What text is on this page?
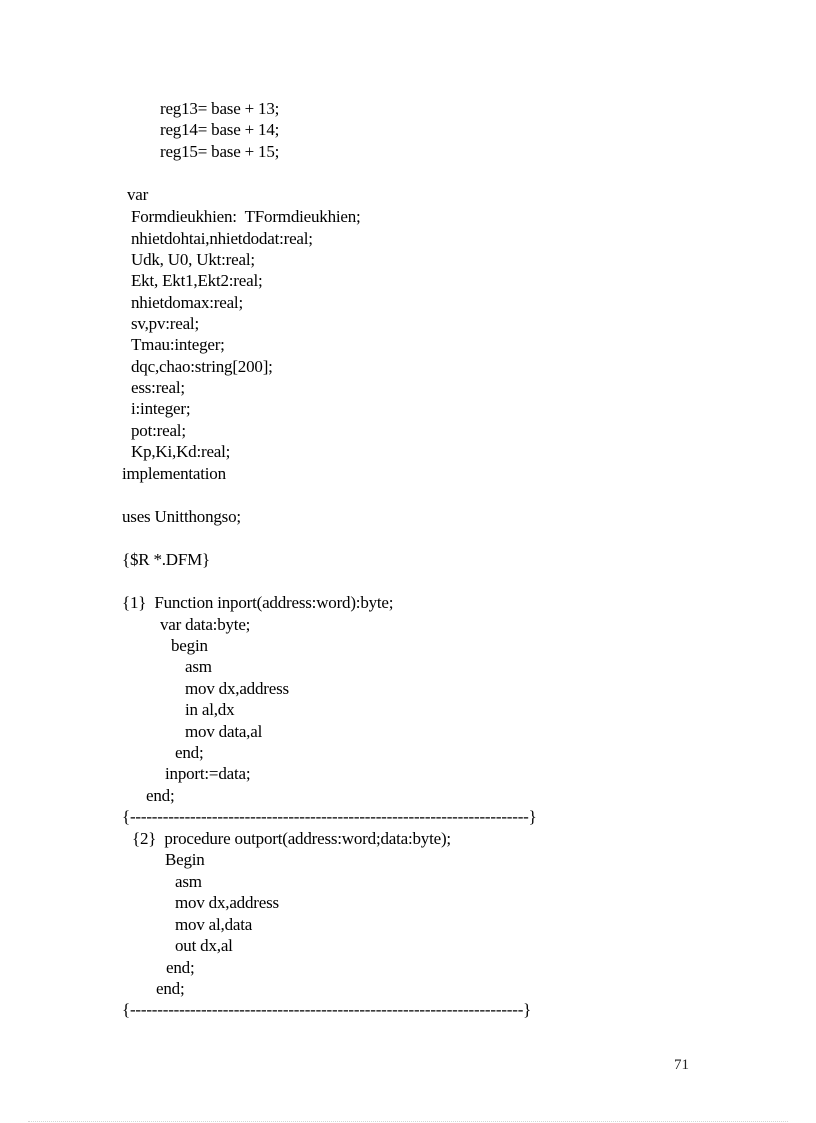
reg13= base + 13;
reg14= base + 14;
reg15= base + 15;
var
Formdieukhien:  TFormdieukhien;
nhietdohtai,nhietdodat:real;
Udk, U0, Ukt:real;
Ekt, Ekt1,Ekt2:real;
nhietdomax:real;
sv,pv:real;
Tmau:integer;
dqc,chao:string[200];
ess:real;
i:integer;
pot:real;
Kp,Ki,Kd:real;
implementation
uses Unitthongso;
{$R *.DFM}
{1}  Function inport(address:word):byte;
var data:byte;
begin
asm
mov dx,address
in al,dx
mov data,al
end;
inport:=data;
end;
{-------------------------------------------------------------------------}
{2}  procedure outport(address:word;data:byte);
Begin
asm
mov dx,address
mov al,data
out dx,al
end;
end;
{------------------------------------------------------------------------}
71
